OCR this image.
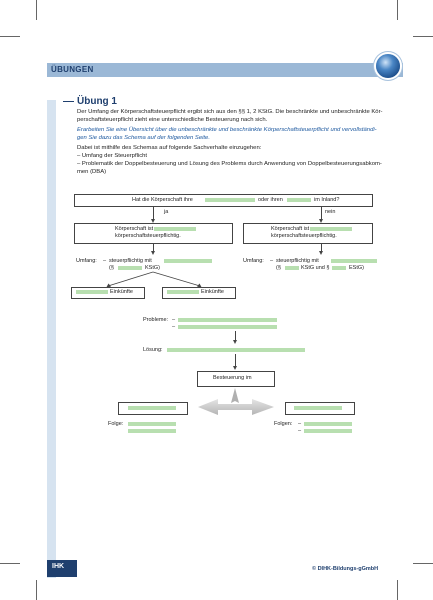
ÜBUNGEN
Übung 1
Der Umfang der Körperschaftsteuerpflicht ergibt sich aus den §§ 1, 2 KStG. Die beschränkte und unbeschränkte Kör-
perschaftsteuerpflicht zieht eine unterschiedliche Besteuerung nach sich.
Erarbeiten Sie eine Übersicht über die unbeschränkte und beschränkte Körperschaftsteuerpflicht und vervollständi-
gen Sie dazu das Schema auf der folgenden Seite.
Dabei ist mithilfe des Schemas auf folgende Sachverhalte einzugehen:
– Umfang der Steuerpflicht
– Problematik der Doppelbesteuerung und Lösung des Problems durch Anwendung von Doppelbesteuerungsabkom-
men (DBA)
Hat die Körperschaft ihre	oder ihren	im Inland?
ja	nein
Körperschaft ist
körperschaftsteuerpflichtig.
Körperschaft ist
körperschaftsteuerpflichtig.
Umfang: – steuerpflichtig mit
(§	KStG)
Umfang: – steuerpflichtig mit
(§	KStG und §	EStG)
Einkünfte	Einkünfte
Probleme: –
–
Lösung:
Besteuerung im
Folge:	Folgen: –
–
IHK	© DIHK-Bildungs-gGmbH
